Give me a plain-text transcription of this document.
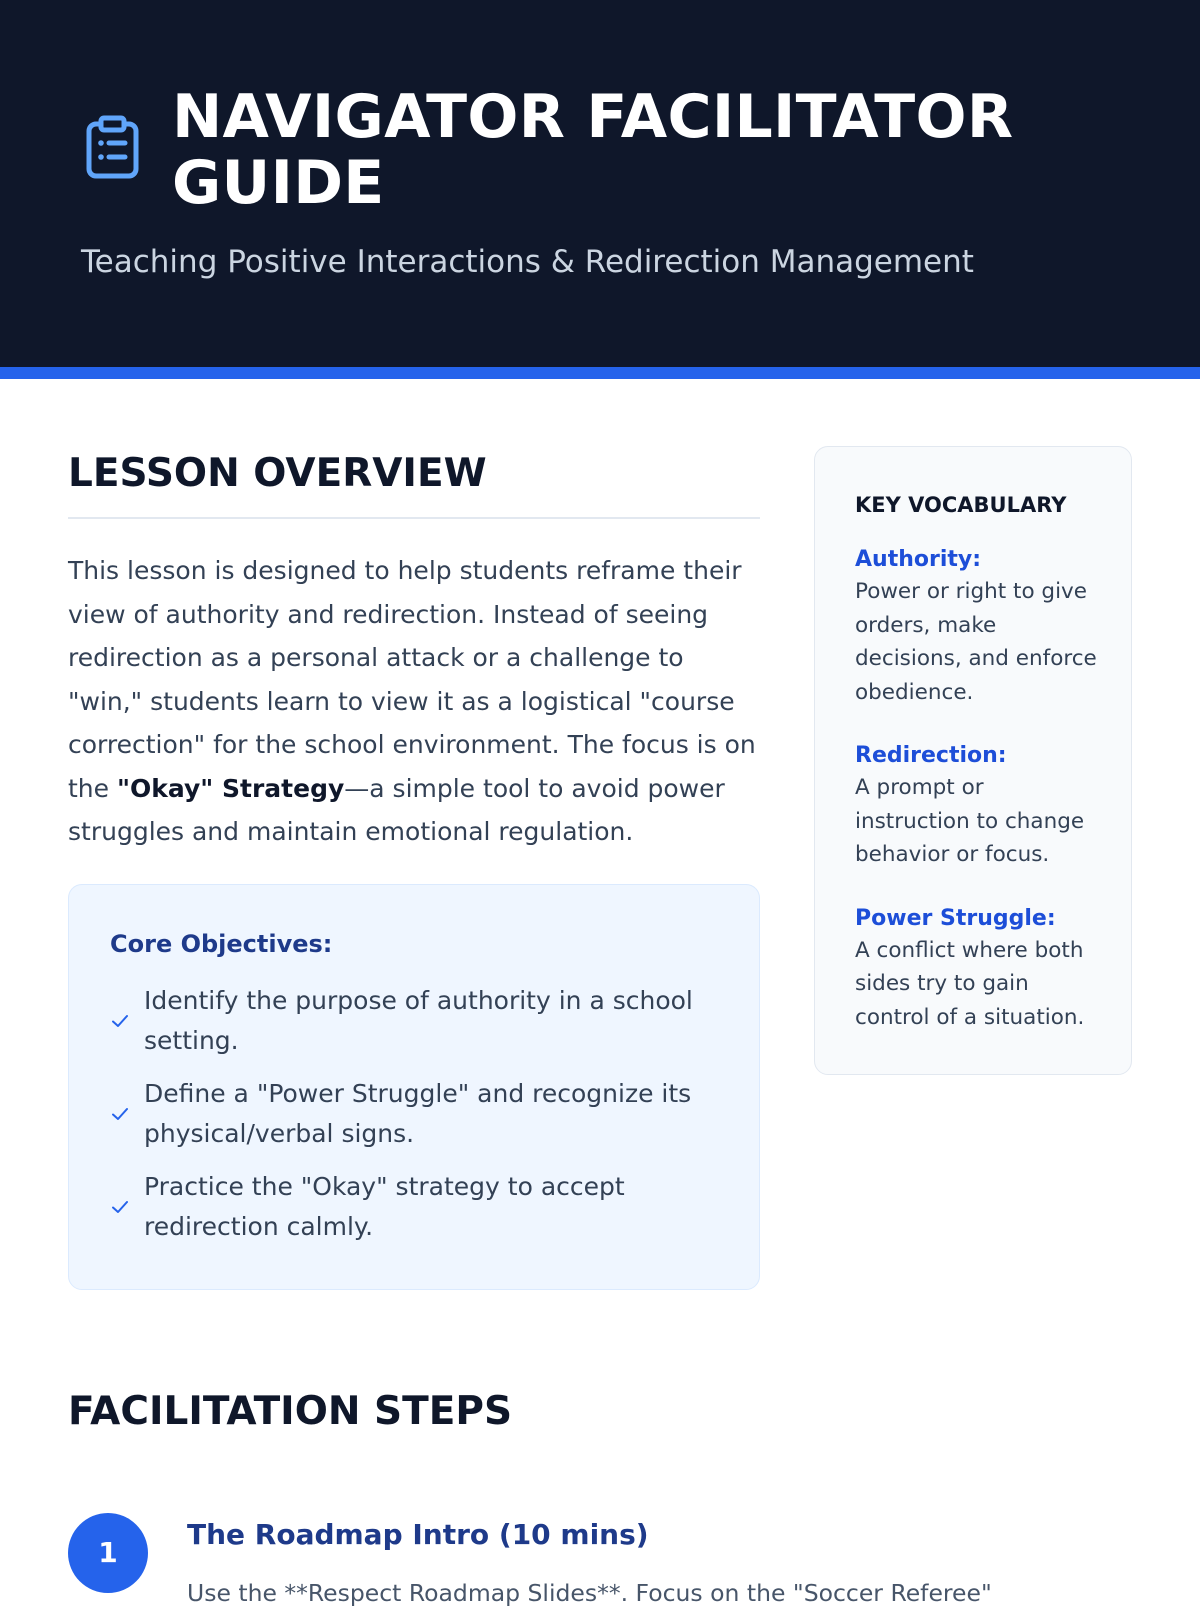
NAVIGATOR FACILITATOR GUIDE

Teaching Positive Interactions & Redirection Management

LESSON OVERVIEW

This lesson is designed to help students reframe their view of authority and redirection. Instead of seeing redirection as a personal attack or a challenge to "win," students learn to view it as a logistical "course correction" for the school environment. The focus is on the "Okay" Strategy—a simple tool to avoid power struggles and maintain emotional regulation.

Core Objectives:
Identify the purpose of authority in a school setting.
Define a "Power Struggle" and recognize its physical/verbal signs.
Practice the "Okay" strategy to accept redirection calmly.
KEY VOCABULARY
Authority:
Power or right to give orders, make decisions, and enforce obedience.
Redirection:
A prompt or instruction to change behavior or focus.
Power Struggle:
A conflict where both sides try to gain control of a situation.
FACILITATION STEPS
1
The Roadmap Intro (10 mins)
Use the **Respect Roadmap Slides**. Focus on the "Soccer Referee"
